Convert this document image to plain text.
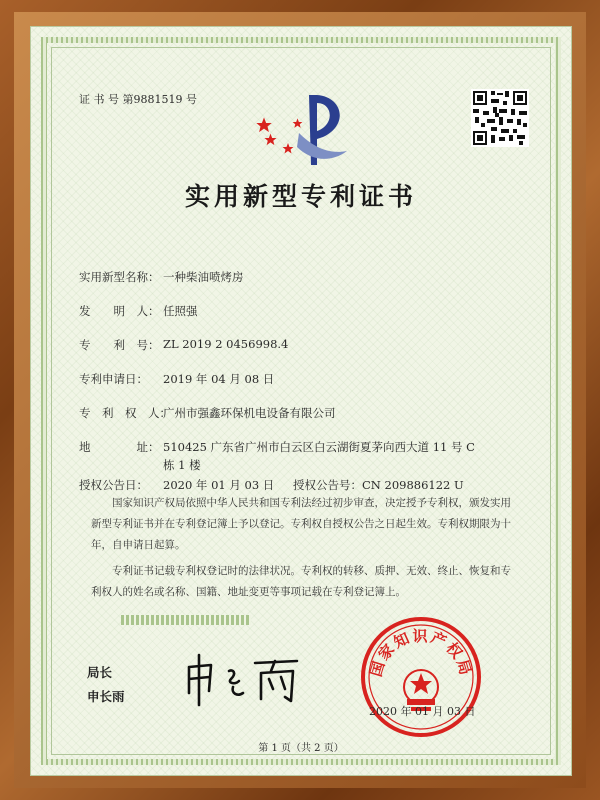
证 书 号 第9881519 号
实用新型专利证书
实用新型名称： 一种柴油喷烤房
发　　明　人： 任照强
专　　利　号： ZL 2019 2 0456998.4
专利申请日： 2019 年 04 月 08 日
专　利　权　人：
广州市强鑫环保机电设备有限公司
地　　　　址： 510425 广东省广州市白云区白云湖街夏茅向西大道 11 号 C
栋 1 楼
授权公告日： 2020 年 01 月 03 日 授权公告号：CN 209886122 U
国家知识产权局依照中华人民共和国专利法经过初步审查，决定授予专利权，颁发实用新型专利证书并在专利登记簿上予以登记。专利权自授权公告之日起生效。专利权期限为十年，自申请日起算。
专利证书记载专利权登记时的法律状况。专利权的转移、质押、无效、终止、恢复和专利权人的姓名或名称、国籍、地址变更等事项记载在专利登记簿上。
局长
申长雨
国家知识产权局
2020 年 01 月 03 日
第 1 页（共 2 页）
